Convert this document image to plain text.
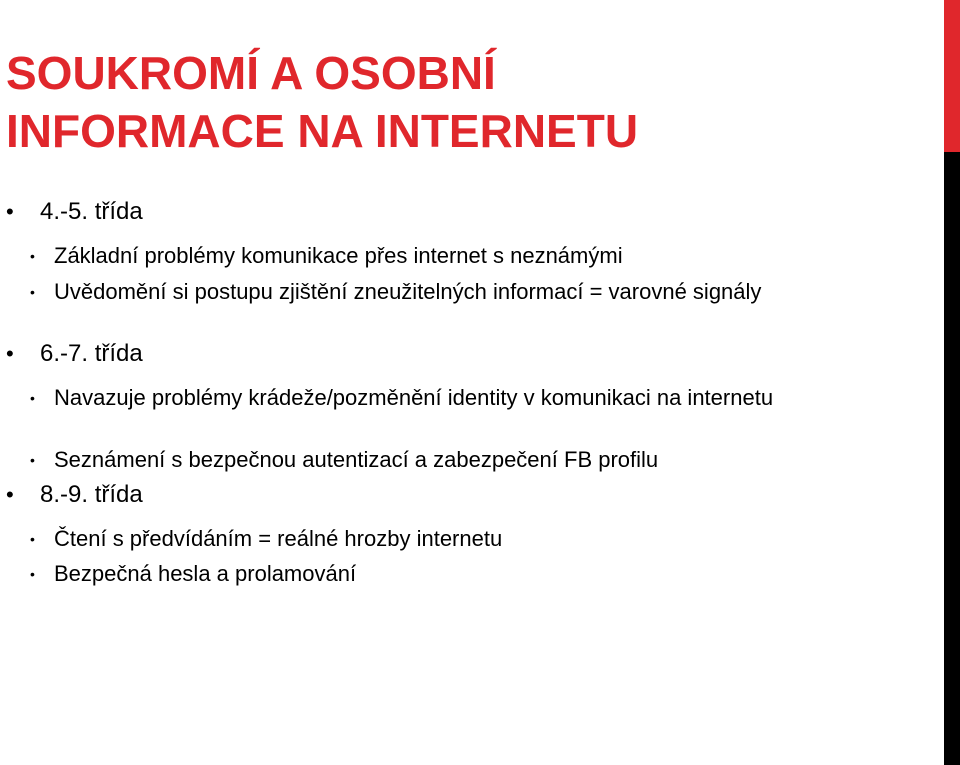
SOUKROMÍ A OSOBNÍ
INFORMACE NA INTERNETU
• 4.-5. třída

• Základní problémy komunikace přes internet s neznámými

• Uvědomění si postupu zjištění zneužitelných informací = varovné signály

• 6.-7. třída

• Navazuje problémy krádeže/pozměnění identity v komunikaci na internetu

• Seznámení s bezpečnou autentizací a zabezpečení FB profilu

• 8.-9. třída

• Čtení s předvídáním = reálné hrozby internetu

• Bezpečná hesla a prolamování
